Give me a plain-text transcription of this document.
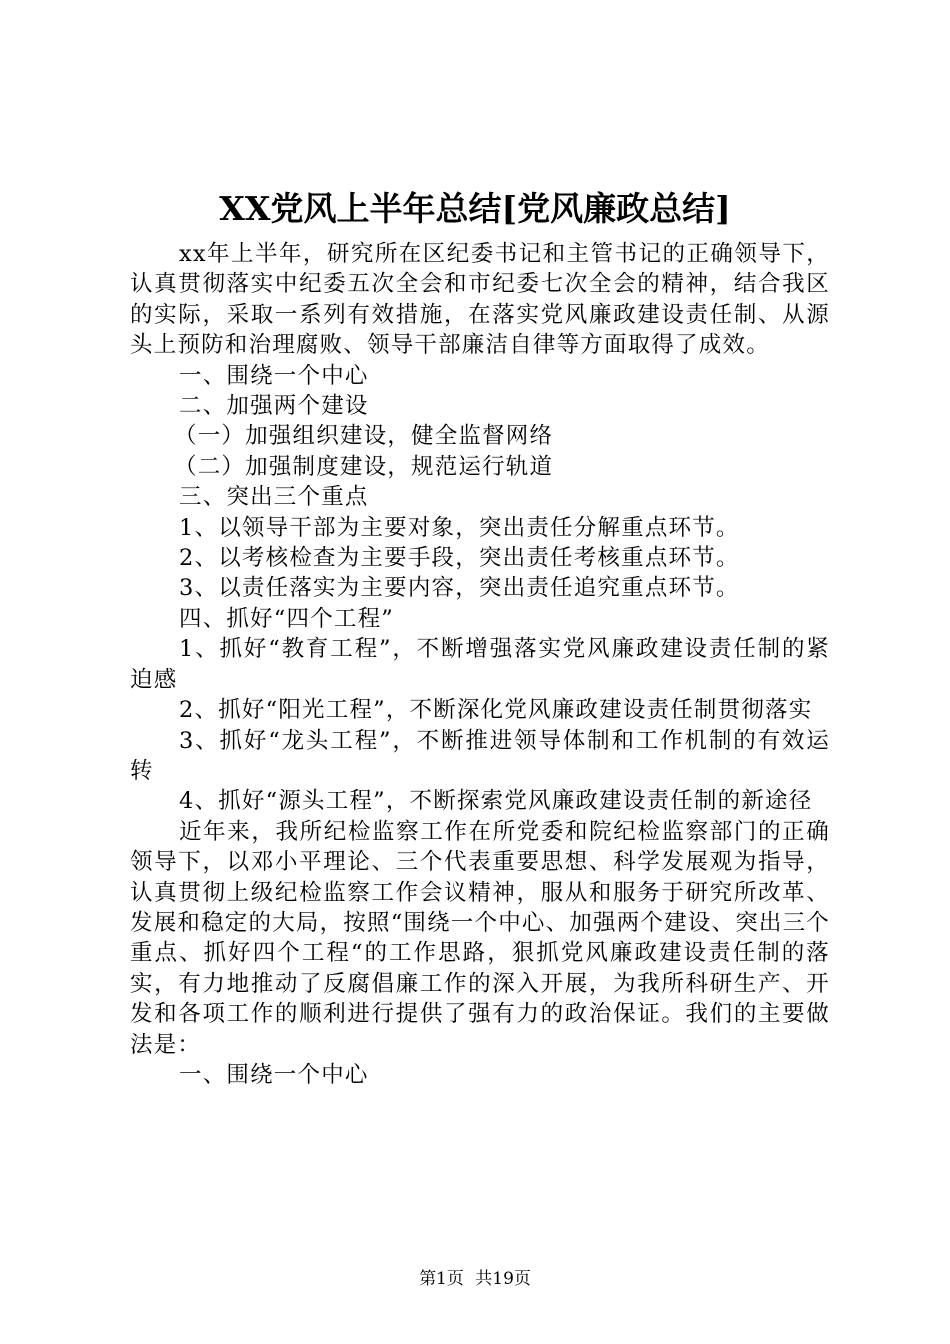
XX党风上半年总结[党风廉政总结]

xx年上半年，研究所在区纪委书记和主管书记的正确领导下，认真贯彻落实中纪委五次全会和市纪委七次全会的精神，结合我区的实际，采取一系列有效措施，在落实党风廉政建设责任制、从源头上预防和治理腐败、领导干部廉洁自律等方面取得了成效。

一、围绕一个中心

二、加强两个建设

（一）加强组织建设，健全监督网络

（二）加强制度建设，规范运行轨道

三、突出三个重点

1、以领导干部为主要对象，突出责任分解重点环节。

2、以考核检查为主要手段，突出责任考核重点环节。

3、以责任落实为主要内容，突出责任追究重点环节。

四、抓好“四个工程”

1、抓好“教育工程”，不断增强落实党风廉政建设责任制的紧迫感

2、抓好“阳光工程”，不断深化党风廉政建设责任制贯彻落实

3、抓好“龙头工程”，不断推进领导体制和工作机制的有效运转

4、抓好“源头工程”，不断探索党风廉政建设责任制的新途径

近年来，我所纪检监察工作在所党委和院纪检监察部门的正确领导下，以邓小平理论、三个代表重要思想、科学发展观为指导，认真贯彻上级纪检监察工作会议精神，服从和服务于研究所改革、发展和稳定的大局，按照“围绕一个中心、加强两个建设、突出三个重点、抓好四个工程“的工作思路，狠抓党风廉政建设责任制的落实，有力地推动了反腐倡廉工作的深入开展，为我所科研生产、开发和各项工作的顺利进行提供了强有力的政治保证。我们的主要做法是：

一、围绕一个中心

第1页 共19页
